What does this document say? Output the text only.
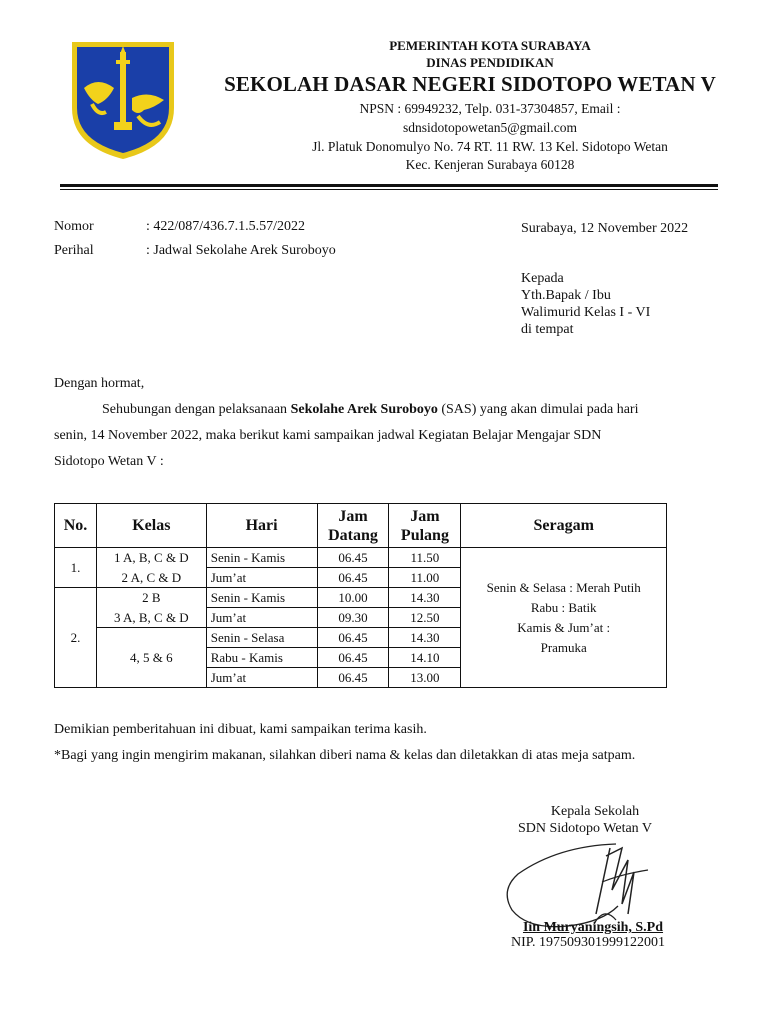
PEMERINTAH KOTA SURABAYA
DINAS PENDIDIKAN
SEKOLAH DASAR NEGERI SIDOTOPO WETAN V
NPSN : 69949232, Telp. 031-37304857, Email :
sdnsidotopowetan5@gmail.com
Jl. Platuk Donomulyo No. 74 RT. 11 RW. 13 Kel. Sidotopo Wetan
Kec. Kenjeran Surabaya 60128
Nomor	: 422/087/436.7.1.5.57/2022
Perihal	: Jadwal Sekolahe Arek Suroboyo
Surabaya, 12 November 2022
Kepada
Yth.Bapak / Ibu
Walimurid Kelas I - VI
di tempat
Dengan hormat,
Sehubungan dengan pelaksanaan Sekolahe Arek Suroboyo (SAS) yang akan dimulai pada hari
senin, 14 November 2022, maka berikut kami sampaikan jadwal Kegiatan Belajar Mengajar SDN
Sidotopo Wetan V :
No.	Kelas	Hari	Jam Datang	Jam Pulang	Seragam
1.	1 A, B, C & D	Senin - Kamis	06.45	11.50	Senin & Selasa : Merah Putih
Rabu : Batik
Kamis & Jum’at :
Pramuka

	2 A, C & D	Jum’at	06.45	11.00	
2.	2 B	Senin - Kamis	10.00	14.30	
	3 A, B, C & D	Jum’at	09.30	12.50	
	4, 5 & 6	Senin - Selasa	06.45	14.30	
		Rabu - Kamis	06.45	14.10	
		Jum’at	06.45	13.00	
Demikian pemberitahuan ini dibuat, kami sampaikan terima kasih.
*Bagi yang ingin mengirim makanan, silahkan diberi nama & kelas dan diletakkan di atas meja satpam.
Kepala Sekolah
SDN Sidotopo Wetan V
Iin Muryaningsih, S.Pd
NIP. 197509301999122001
